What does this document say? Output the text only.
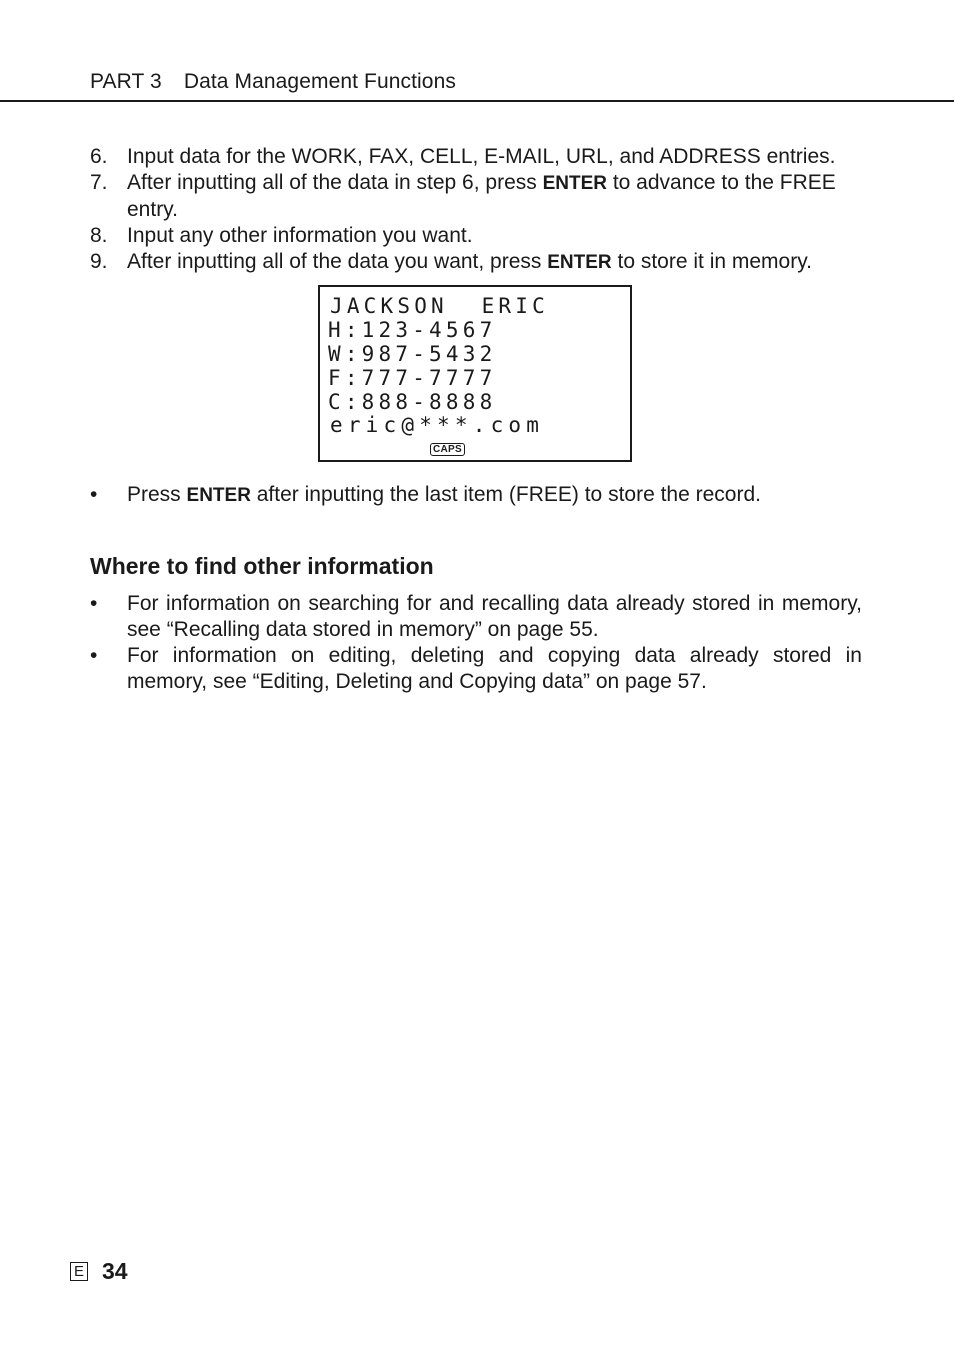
PART 3 Data Management Functions
6. Input data for the WORK, FAX, CELL, E-MAIL, URL, and ADDRESS entries.
7. After inputting all of the data in step 6, press ENTER to advance to the FREE entry.
8. Input any other information you want.
9. After inputting all of the data you want, press ENTER to store it in memory.
JACKSON  ERIC
H:123-4567
W:987-5432
F:777-7777
C:888-8888
eric@***.com
CAPS
• Press ENTER after inputting the last item (FREE) to store the record.
Where to find other information
• For information on searching for and recalling data already stored in memory, see “Recalling data stored in memory” on page 55.
• For information on editing, deleting and copying data already stored in memory, see “Editing, Deleting and Copying data” on page 57.
E 34
